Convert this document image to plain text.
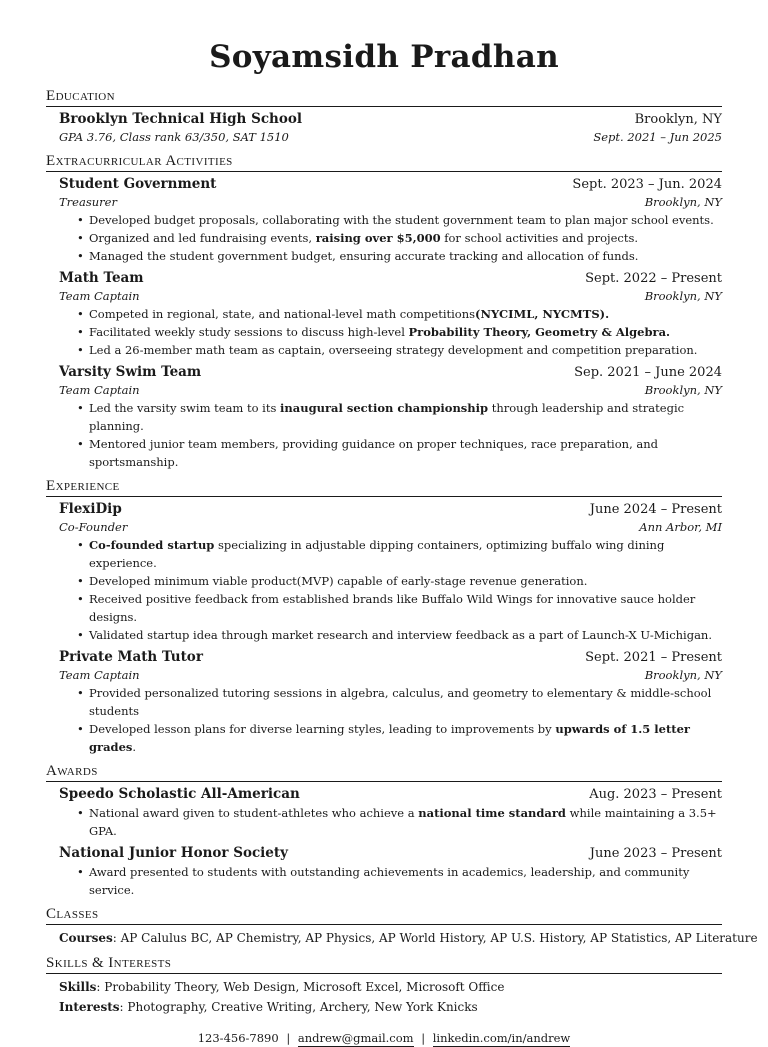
Soyamsidh Pradhan
Education
Brooklyn Technical High School	Brooklyn, NY
GPA 3.76, Class rank 63/350, SAT 1510	Sept. 2021 – Jun 2025
Extracurricular Activities
Student Government	Sept. 2023 – Jun. 2024
Treasurer	Brooklyn, NY
• Developed budget proposals, collaborating with the student government team to plan major school events.
• Organized and led fundraising events, raising over $5,000 for school activities and projects.
• Managed the student government budget, ensuring accurate tracking and allocation of funds.
Math Team	Sept. 2022 – Present
Team Captain	Brooklyn, NY
• Competed in regional, state, and national-level math competitions(NYCIML, NYCMTS).
• Facilitated weekly study sessions to discuss high-level Probability Theory, Geometry & Algebra.
• Led a 26-member math team as captain, overseeing strategy development and competition preparation.
Varsity Swim Team	Sep. 2021 – June 2024
Team Captain	Brooklyn, NY
• Led the varsity swim team to its inaugural section championship through leadership and strategic planning.
• Mentored junior team members, providing guidance on proper techniques, race preparation, and sportsmanship.
Experience
FlexiDip	June 2024 – Present
Co-Founder	Ann Arbor, MI
• Co-founded startup specializing in adjustable dipping containers, optimizing buffalo wing dining experience.
• Developed minimum viable product(MVP) capable of early-stage revenue generation.
• Received positive feedback from established brands like Buffalo Wild Wings for innovative sauce holder designs.
• Validated startup idea through market research and interview feedback as a part of Launch-X U-Michigan.
Private Math Tutor	Sept. 2021 – Present
Team Captain	Brooklyn, NY
• Provided personalized tutoring sessions in algebra, calculus, and geometry to elementary & middle-school students
• Developed lesson plans for diverse learning styles, leading to improvements by upwards of 1.5 letter grades.
Awards
Speedo Scholastic All-American	Aug. 2023 – Present
• National award given to student-athletes who achieve a national time standard while maintaining a 3.5+ GPA.
National Junior Honor Society	June 2023 – Present
• Award presented to students with outstanding achievements in academics, leadership, and community service.
Classes
Courses: AP Calulus BC, AP Chemistry, AP Physics, AP World History, AP U.S. History, AP Statistics, AP Literature
Skills & Interests
Skills: Probability Theory, Web Design, Microsoft Excel, Microsoft Office
Interests: Photography, Creative Writing, Archery, New York Knicks
123-456-7890 | andrew@gmail.com | linkedin.com/in/andrew
